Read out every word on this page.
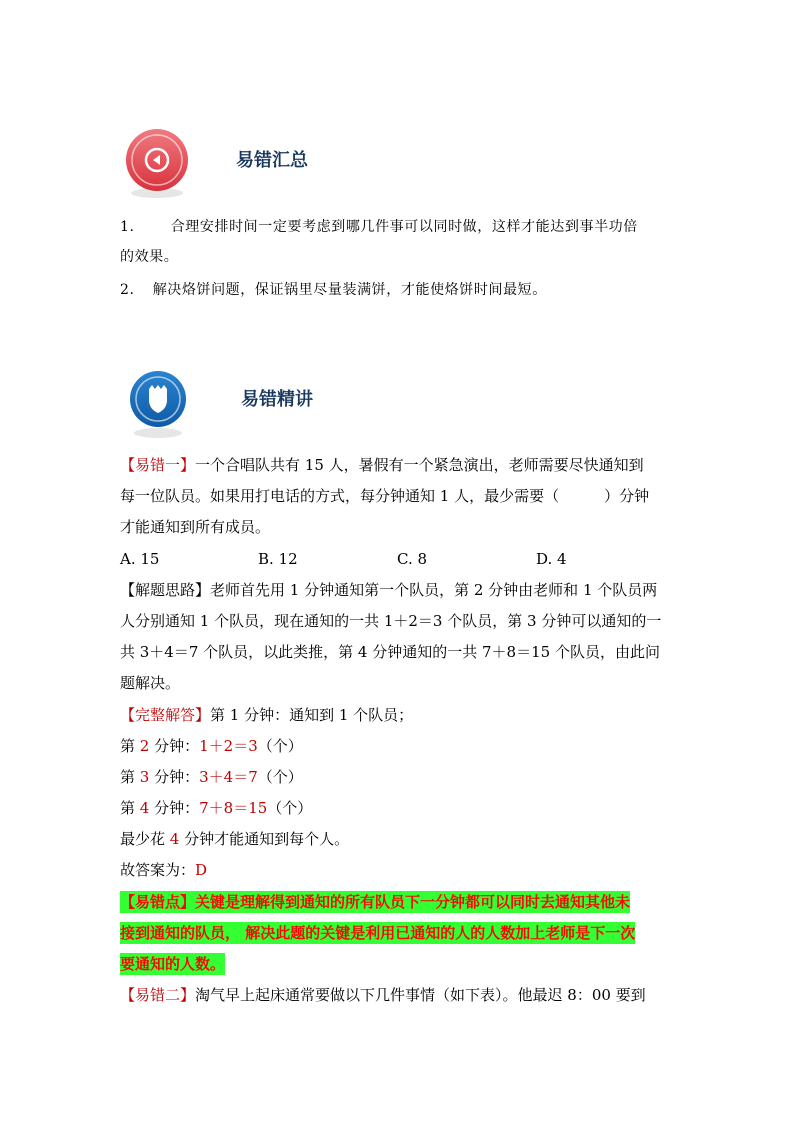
易错汇总

1.	合理安排时间一定要考虑到哪几件事可以同时做，这样才能达到事半功倍

的效果。

2. 解决烙饼问题，保证锅里尽量装满饼，才能使烙饼时间最短。

易错精讲

【易错一】一个合唱队共有 15 人，暑假有一个紧急演出，老师需要尽快通知到

每一位队员。如果用打电话的方式，每分钟通知 1 人，最少需要（　　　）分钟

才能通知到所有成员。

A. 15	B. 12	C. 8	D. 4

【解题思路】老师首先用 1 分钟通知第一个队员，第 2 分钟由老师和 1 个队员两

人分别通知 1 个队员，现在通知的一共 1＋2＝3 个队员，第 3 分钟可以通知的一

共 3＋4＝7 个队员，以此类推，第 4 分钟通知的一共 7＋8＝15 个队员，由此问

题解决。

【完整解答】第 1 分钟：通知到 1 个队员；

第 2 分钟：1＋2＝3（个）

第 3 分钟：3＋4＝7（个）

第 4 分钟：7＋8＝15（个）

最少花 4 分钟才能通知到每个人。

故答案为：D

【易错点】关键是理解得到通知的所有队员下一分钟都可以同时去通知其他未

接到通知的队员， 解决此题的关键是利用已通知的人的人数加上老师是下一次

要通知的人数。

【易错二】淘气早上起床通常要做以下几件事情（如下表）。他最迟 8：00 要到
